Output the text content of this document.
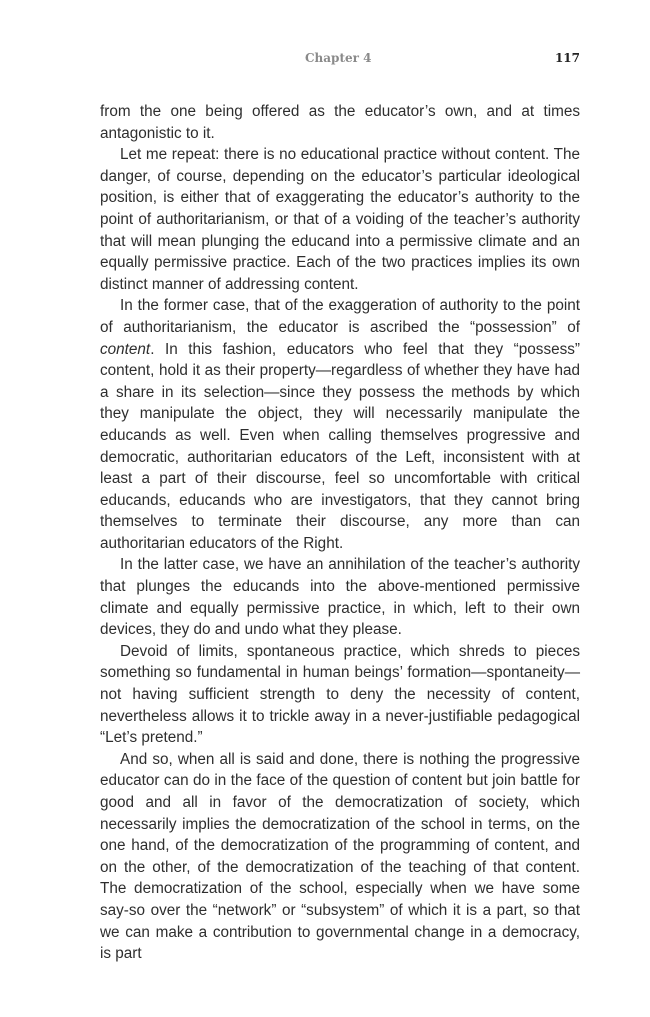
Chapter 4	117

from the one being offered as the educator’s own, and at times antagonistic to it.

Let me repeat: there is no educational practice without content. The danger, of course, depending on the educator’s particular ideological position, is either that of exaggerating the educator’s authority to the point of authoritarianism, or that of a voiding of the teacher’s authority that will mean plunging the educand into a permissive climate and an equally permissive practice. Each of the two practices implies its own distinct manner of addressing content.

In the former case, that of the exaggeration of authority to the point of authoritarianism, the educator is ascribed the “possession” of content. In this fashion, educators who feel that they “possess” content, hold it as their property—regardless of whether they have had a share in its selection—since they possess the methods by which they manipulate the object, they will necessarily manipulate the educands as well. Even when calling themselves progressive and democratic, authoritarian educators of the Left, inconsistent with at least a part of their discourse, feel so uncomfortable with critical educands, educands who are investigators, that they cannot bring themselves to terminate their discourse, any more than can authoritarian educators of the Right.

In the latter case, we have an annihilation of the teacher’s authority that plunges the educands into the above-mentioned permissive climate and equally permissive practice, in which, left to their own devices, they do and undo what they please.

Devoid of limits, spontaneous practice, which shreds to pieces something so fundamental in human beings’ formation—spontaneity—not having sufficient strength to deny the necessity of content, nevertheless allows it to trickle away in a never-justifiable pedagogical “Let’s pretend.”

And so, when all is said and done, there is nothing the progressive educator can do in the face of the question of content but join battle for good and all in favor of the democratization of society, which necessarily implies the democratization of the school in terms, on the one hand, of the democratization of the programming of content, and on the other, of the democratization of the teaching of that content. The democratization of the school, especially when we have some say-so over the “network” or “subsystem” of which it is a part, so that we can make a contribution to governmental change in a democracy, is part
